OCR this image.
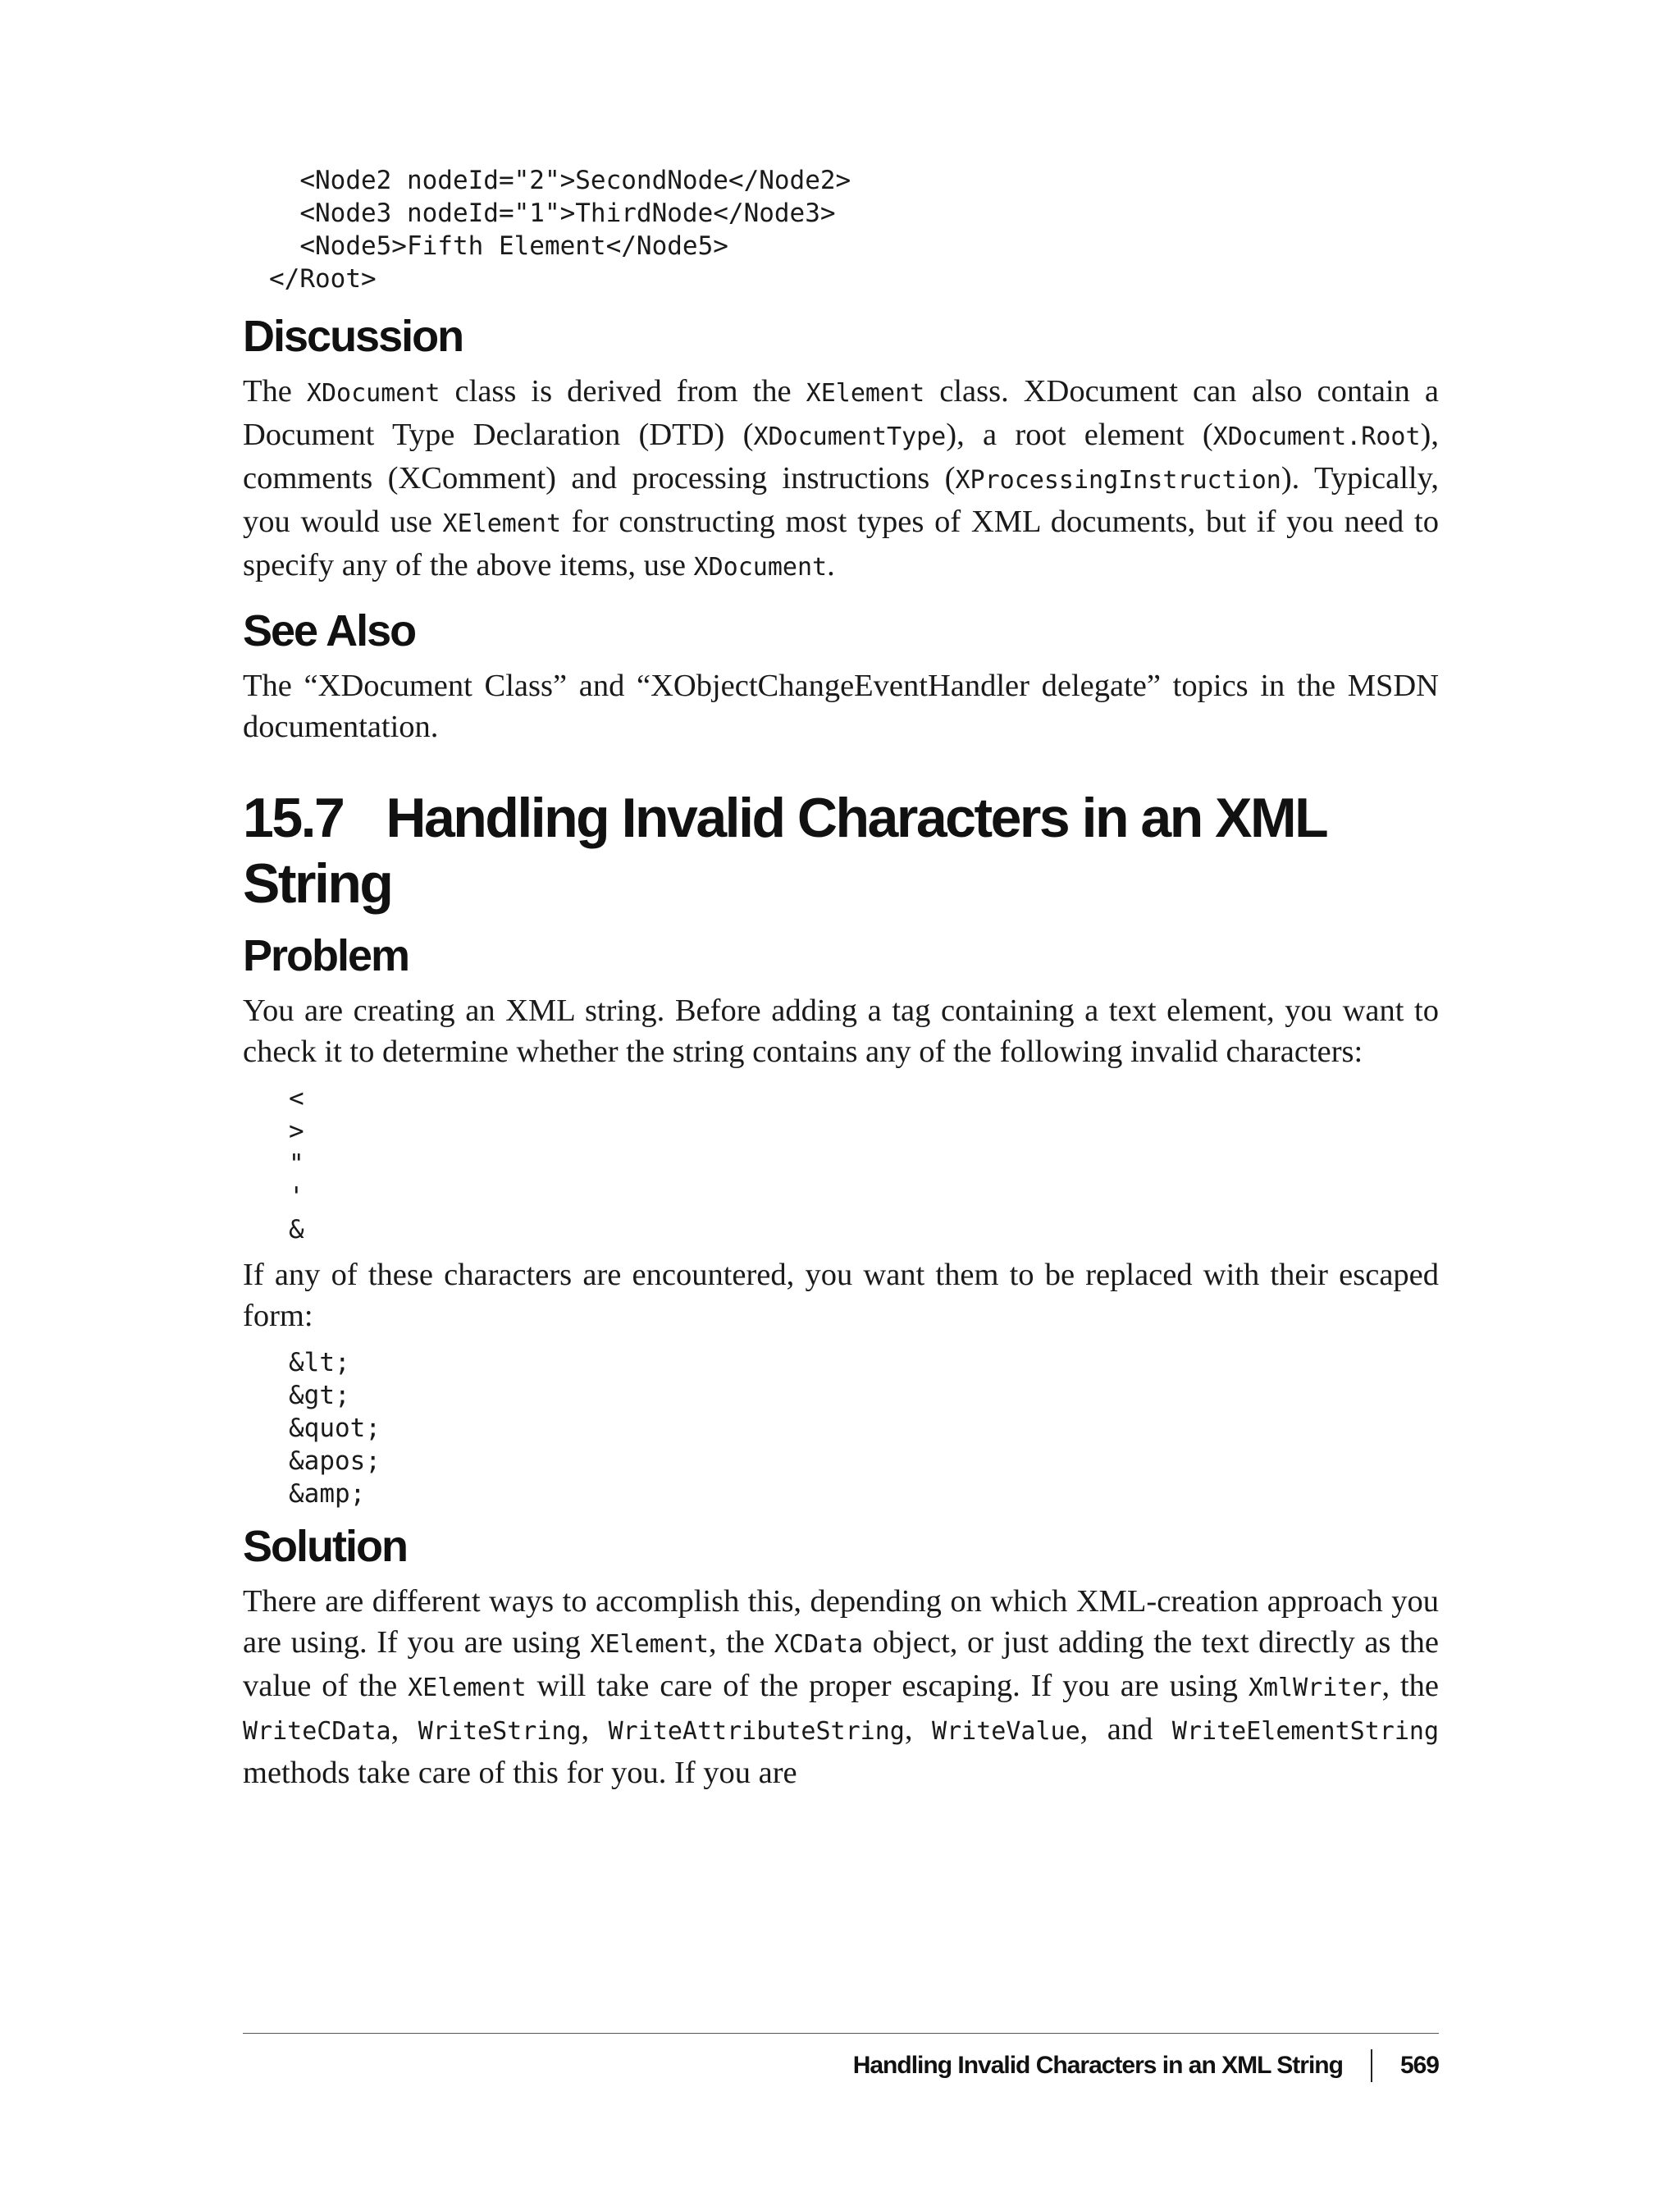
<Node2 nodeId="2">SecondNode</Node2>
<Node3 nodeId="1">ThirdNode</Node3>
<Node5>Fifth Element</Node5>
</Root>
Discussion

The XDocument class is derived from the XElement class. XDocument can also contain a Document Type Declaration (DTD) (XDocumentType), a root element (XDocument.Root), comments (XComment) and processing instructions (XProcessingInstruction). Typically, you would use XElement for constructing most types of XML documents, but if you need to specify any of the above items, use XDocument.

See Also

The “XDocument Class” and “XObjectChangeEventHandler delegate” topics in the MSDN documentation.

15.7 Handling Invalid Characters in an XML String
Problem

You are creating an XML string. Before adding a tag containing a text element, you want to check it to determine whether the string contains any of the following invalid characters:

<
>
"
'
&

If any of these characters are encountered, you want them to be replaced with their escaped form:

&lt;
&gt;
&quot;
&apos;
&amp;
Solution

There are different ways to accomplish this, depending on which XML-creation approach you are using. If you are using XElement, the XCData object, or just adding the text directly as the value of the XElement will take care of the proper escaping. If you are using XmlWriter, the WriteCData, WriteString, WriteAttributeString, WriteValue, and WriteElementString methods take care of this for you. If you are

Handling Invalid Characters in an XML String 569
